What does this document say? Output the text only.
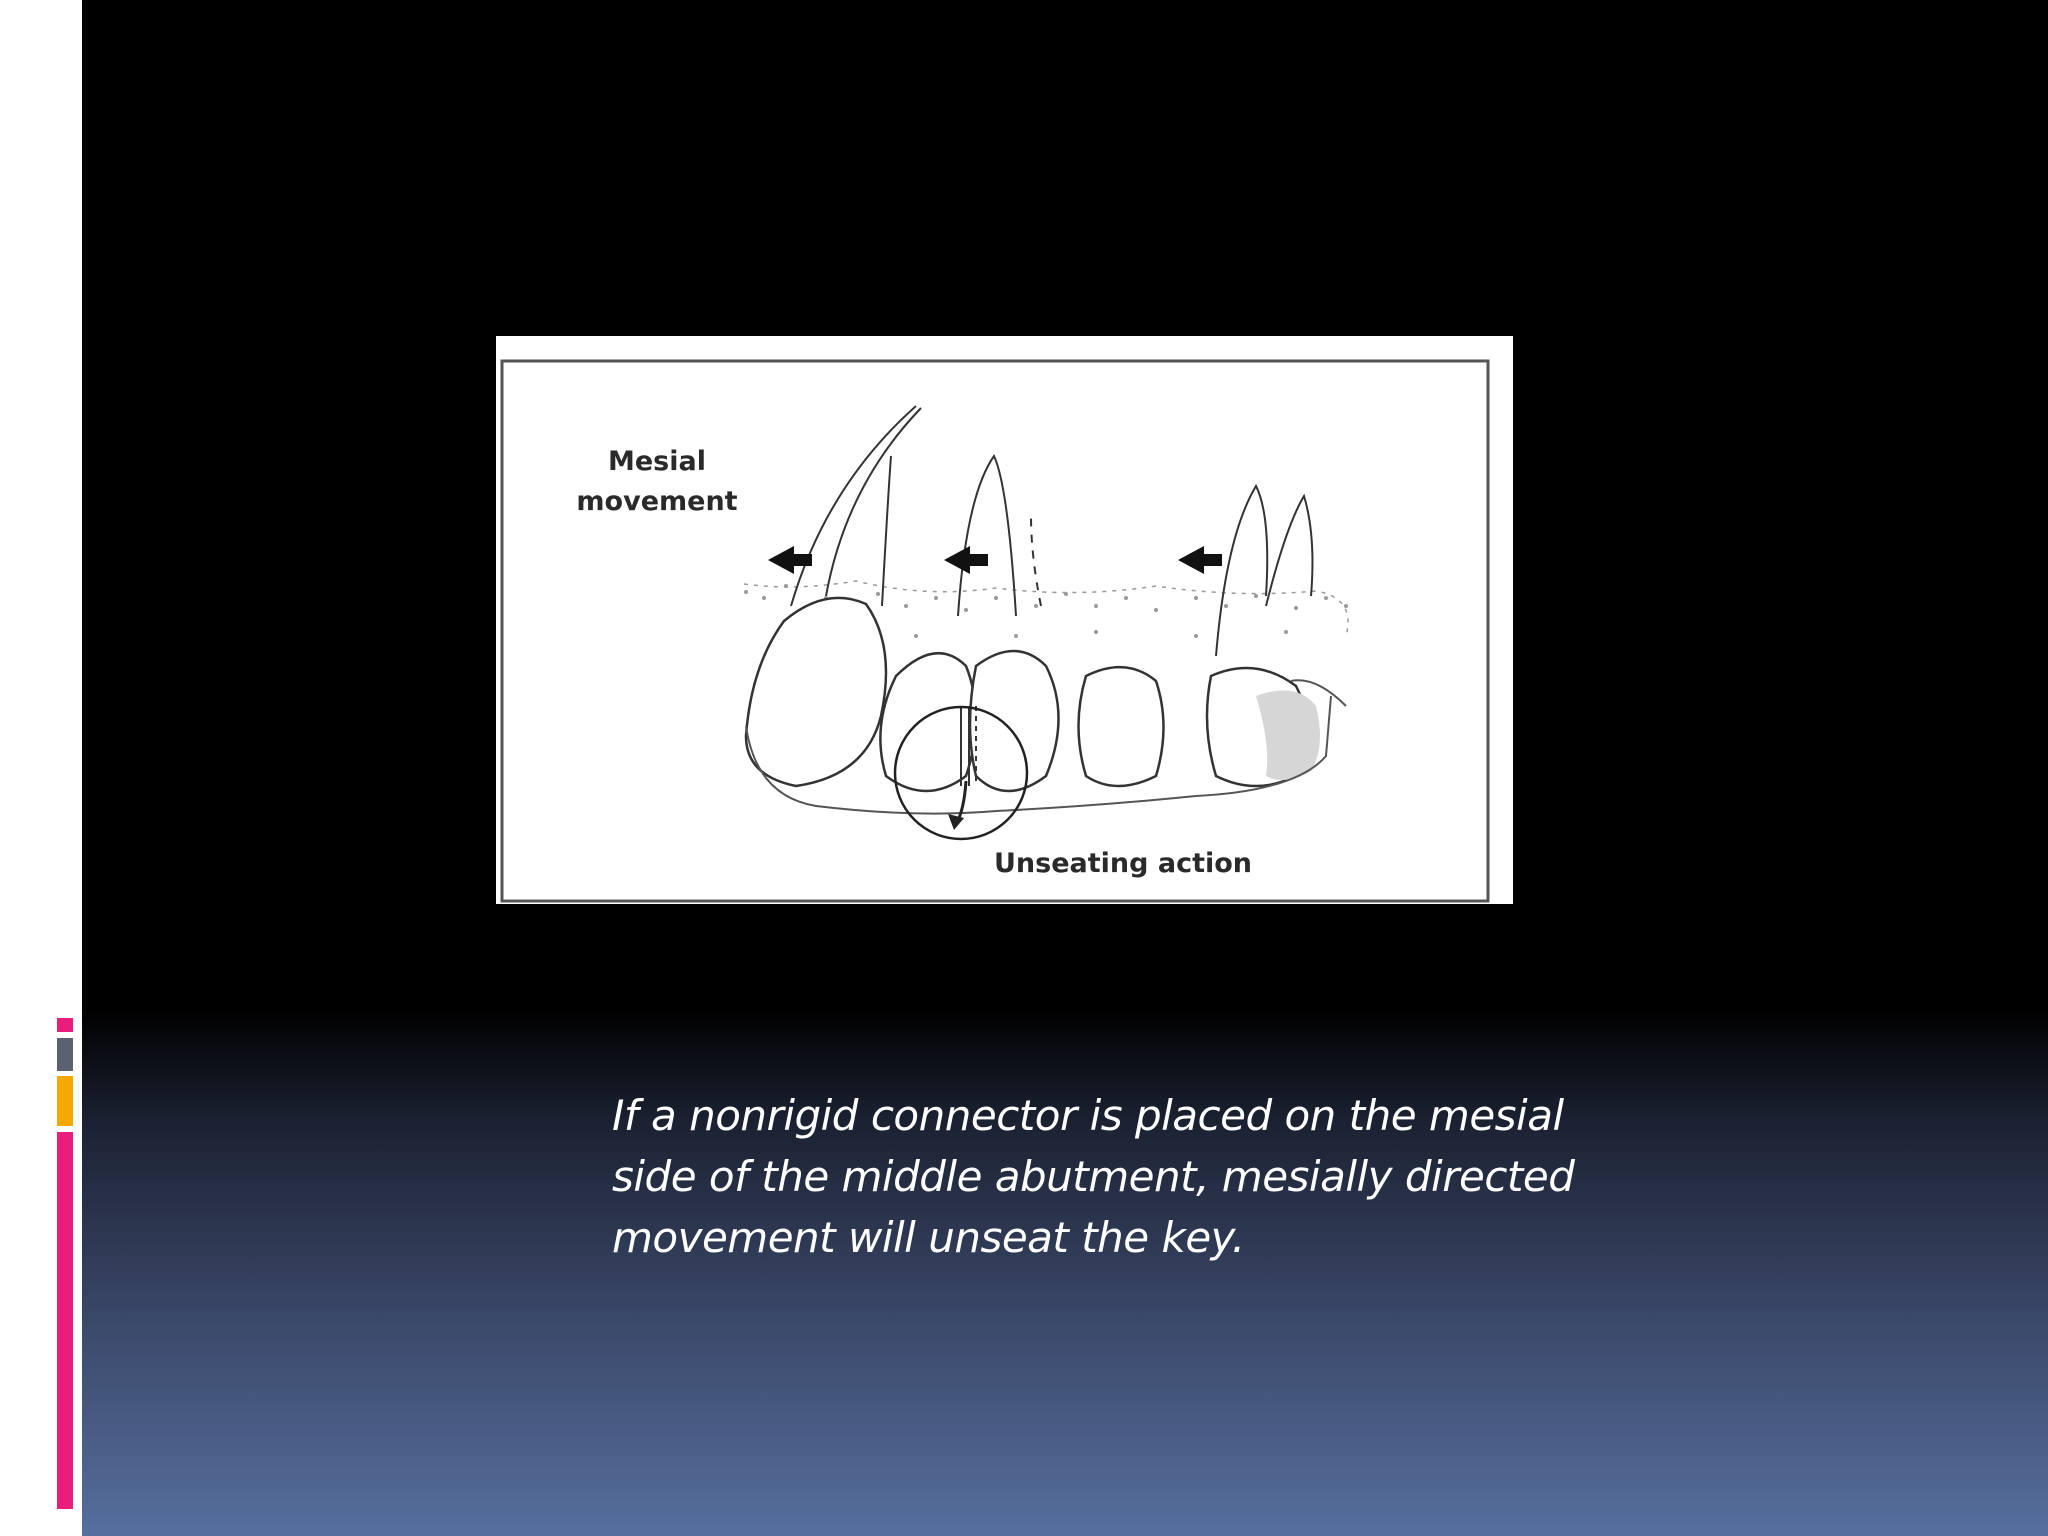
Mesial
movement
Unseating action
If a nonrigid connector is placed on the mesial side of the middle abutment, mesially directed movement will unseat the key.
